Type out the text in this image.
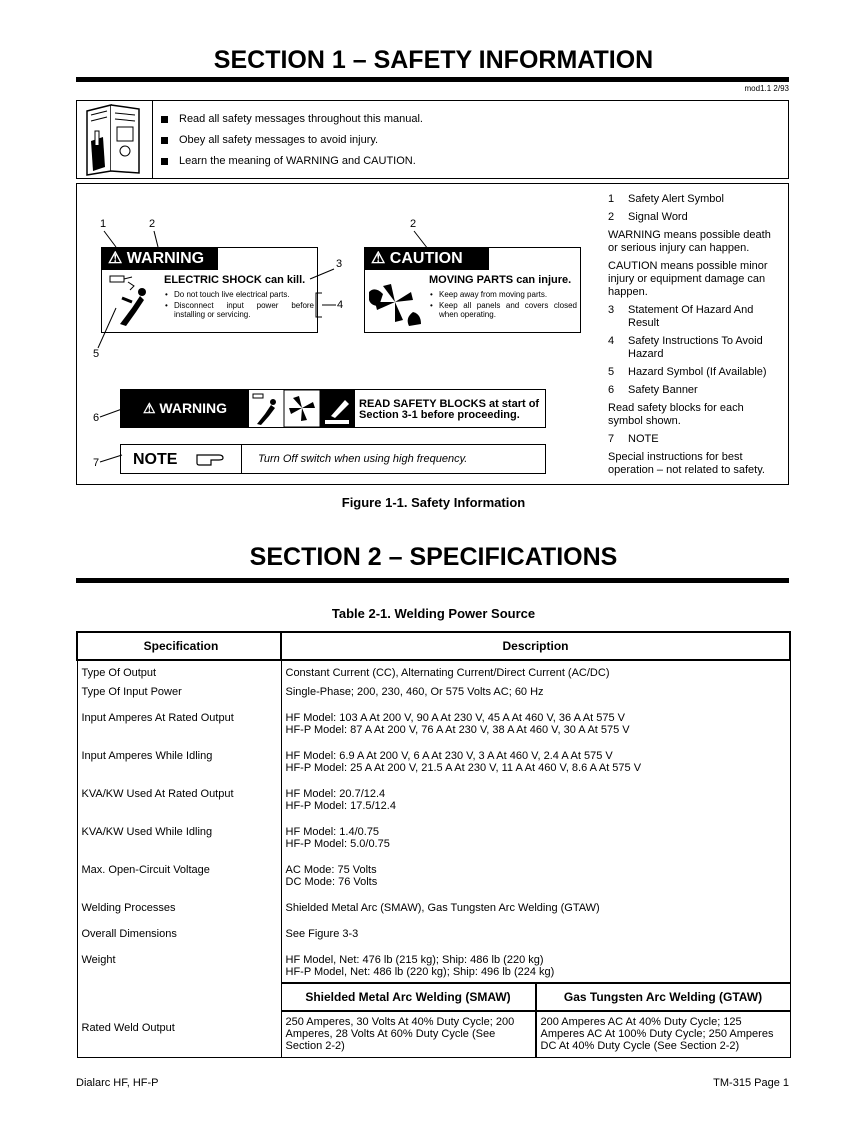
SECTION 1 – SAFETY INFORMATION
mod1.1 2/93
Read all safety messages throughout this manual.
Obey all safety messages to avoid injury.
Learn the meaning of WARNING and CAUTION.
1	2	2
3
4
5
6
7
⚠ WARNING
ELECTRIC SHOCK can kill.
• Do not touch live electrical parts.
• Disconnect input power before installing or servicing.
⚠ CAUTION
MOVING PARTS can injure.
• Keep away from moving parts.
• Keep all panels and covers closed when operating.
⚠ WARNING	READ SAFETY BLOCKS at start of
Section 3-1 before proceeding.
NOTE	Turn Off switch when using high frequency.
1 Safety Alert Symbol
2 Signal Word
WARNING means possible death or serious injury can happen.
CAUTION means possible minor injury or equipment damage can happen.
3	Statement Of Hazard And Result
4	Safety Instructions To Avoid Hazard
5 Hazard Symbol (If Available)
6 Safety Banner
Read safety blocks for each symbol shown.
7 NOTE
Special instructions for best operation – not related to safety.
Figure 1-1. Safety Information
SECTION 2 – SPECIFICATIONS
Table 2-1. Welding Power Source
Specification	Description
Type Of Output	Constant Current (CC), Alternating Current/Direct Current (AC/DC)
Type Of Input Power	Single-Phase; 200, 230, 460, Or 575 Volts AC; 60 Hz
Input Amperes At Rated Output	HF Model: 103 A At 200 V, 90 A At 230 V, 45 A At 460 V, 36 A At 575 V
HF-P Model: 87 A At 200 V, 76 A At 230 V, 38 A At 460 V, 30 A At 575 V

Input Amperes While Idling	HF Model: 6.9 A At 200 V, 6 A At 230 V, 3 A At 460 V, 2.4 A At 575 V
HF-P Model: 25 A At 200 V, 21.5 A At 230 V, 11 A At 460 V, 8.6 A At 575 V

KVA/KW Used At Rated Output	HF Model: 20.7/12.4
HF-P Model: 17.5/12.4

KVA/KW Used While Idling	HF Model: 1.4/0.75
HF-P Model: 5.0/0.75

Max. Open-Circuit Voltage	AC Mode: 75 Volts
DC Mode: 76 Volts

Welding Processes	Shielded Metal Arc (SMAW), Gas Tungsten Arc Welding (GTAW)
Overall Dimensions	See Figure 3-3
Weight	HF Model, Net: 476 lb (215 kg); Ship: 486 lb (220 kg)
HF-P Model, Net: 486 lb (220 kg); Ship: 496 lb (224 kg)

Rated Weld Output	
Shielded Metal Arc Welding (SMAW)	Gas Tungsten Arc Welding (GTAW)
250 Amperes, 30 Volts At 40% Duty Cycle; 200 Amperes, 28 Volts At 60% Duty Cycle (See Section 2-2)	200 Amperes AC At 40% Duty Cycle; 125 Amperes AC At 100% Duty Cycle; 250 Amperes DC At 40% Duty Cycle (See Section 2-2)
Dialarc HF, HF-P	TM-315 Page 1
